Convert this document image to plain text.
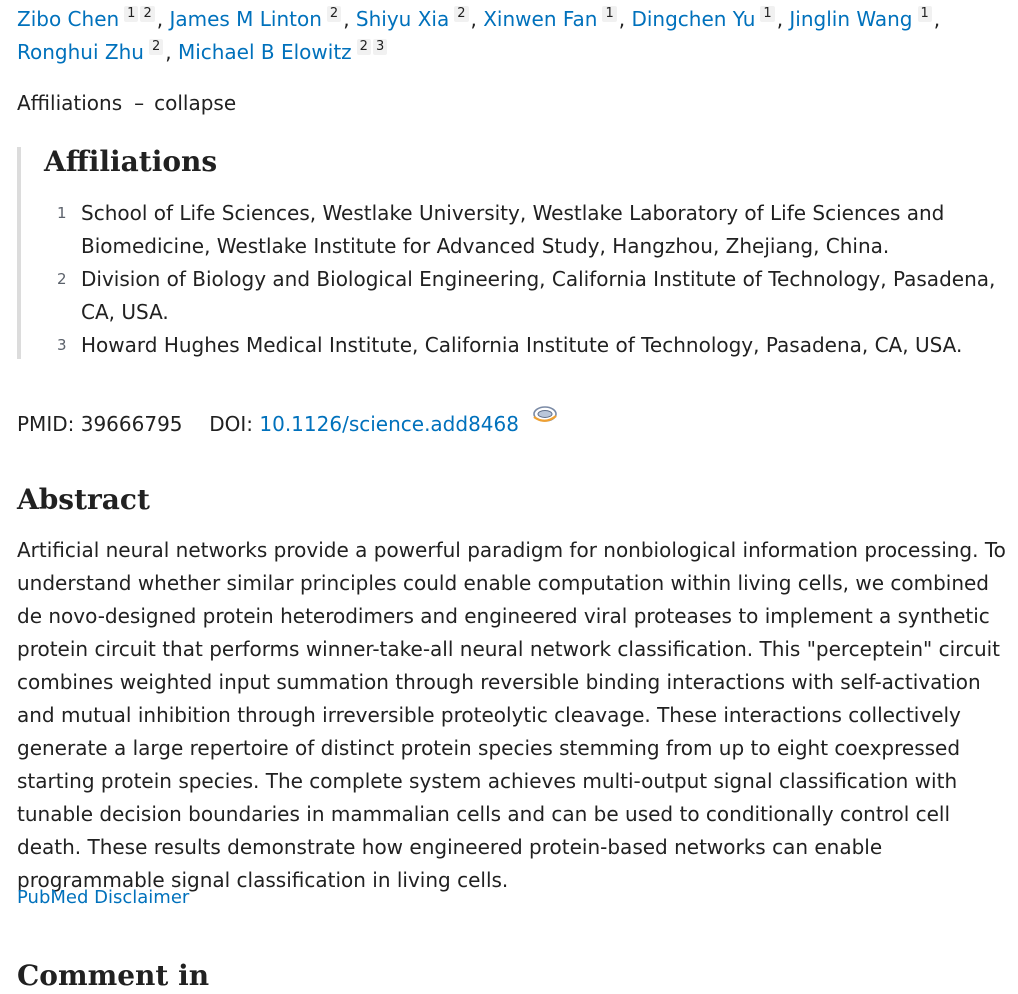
Zibo Chen 1 2 , James M Linton 2 , Shiyu Xia 2 , Xinwen Fan 1 , Dingchen Yu 1 , Jinglin Wang 1 , Ronghui Zhu 2 , Michael B Elowitz 2 3
Affiliations – collapse
Affiliations
1 School of Life Sciences, Westlake University, Westlake Laboratory of Life Sciences and Biomedicine, Westlake Institute for Advanced Study, Hangzhou, Zhejiang, China.
2 Division of Biology and Biological Engineering, California Institute of Technology, Pasadena, CA, USA.
3 Howard Hughes Medical Institute, California Institute of Technology, Pasadena, CA, USA.
PMID: 39666795 DOI: 10.1126/science.add8468
Abstract

Artificial neural networks provide a powerful paradigm for nonbiological information processing. To understand whether similar principles could enable computation within living cells, we combined de novo-designed protein heterodimers and engineered viral proteases to implement a synthetic protein circuit that performs winner-take-all neural network classification. This "perceptein" circuit combines weighted input summation through reversible binding interactions with self-activation and mutual inhibition through irreversible proteolytic cleavage. These interactions collectively generate a large repertoire of distinct protein species stemming from up to eight coexpressed starting protein species. The complete system achieves multi-output signal classification with tunable decision boundaries in mammalian cells and can be used to conditionally control cell death. These results demonstrate how engineered protein-based networks can enable programmable signal classification in living cells.

PubMed Disclaimer
Comment in
